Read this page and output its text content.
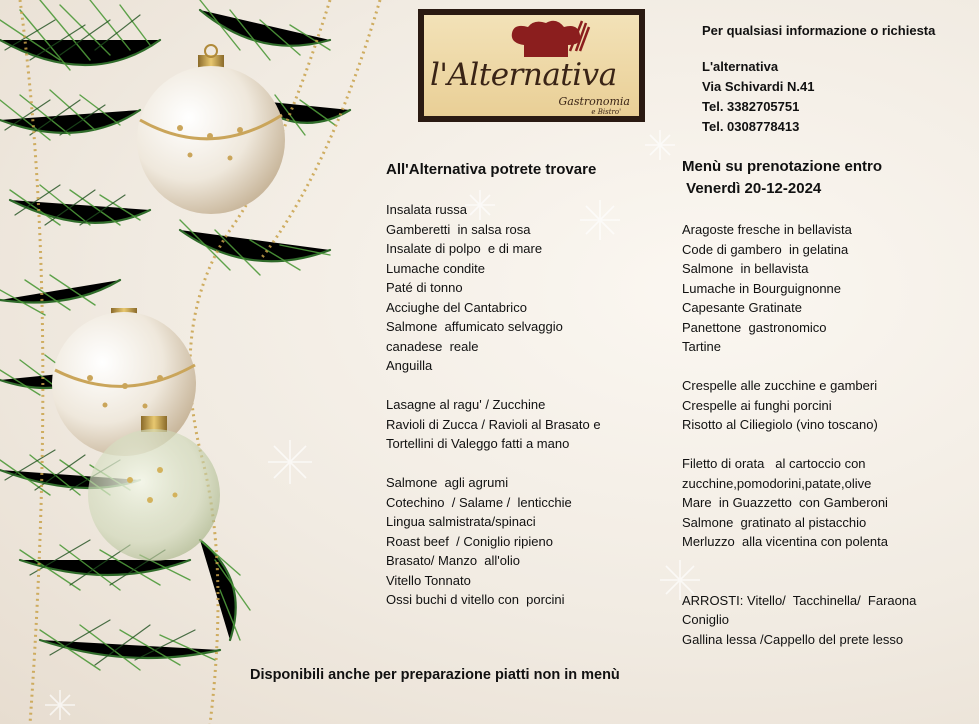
l'Alternativa
Gastronomia
e Bistro'
Per qualsiasi informazione o richiesta
L'alternativa
Via Schivardi N.41
Tel. 3382705751
Tel. 0308778413
All'Alternativa potrete trovare
Insalata russa
Gamberetti  in salsa rosa
Insalate di polpo  e di mare
Lumache condite
Paté di tonno
Acciughe del Cantabrico
Salmone  affumicato selvaggio
canadese  reale
Anguilla
Lasagne al ragu' / Zucchine
Ravioli di Zucca / Ravioli al Brasato e
Tortellini di Valeggo fatti a mano
Salmone  agli agrumi
Cotechino  / Salame /  lenticchie
Lingua salmistrata/spinaci
Roast beef  / Coniglio ripieno
Brasato/ Manzo  all'olio
Vitello Tonnato
Ossi buchi d vitello con  porcini
Menù su prenotazione entro
Venerdì 20-12-2024
Aragoste fresche in bellavista
Code di gambero  in gelatina
Salmone  in bellavista
Lumache in Bourguignonne
Capesante Gratinate
Panettone  gastronomico
Tartine
Crespelle alle zucchine e gamberi
Crespelle ai funghi porcini
Risotto al Ciliegiolo (vino toscano)
Filetto di orata   al cartoccio con
zucchine,pomodorini,patate,olive
Mare  in Guazzetto  con Gamberoni
Salmone  gratinato al pistacchio
Merluzzo  alla vicentina con polenta
ARROSTI: Vitello/  Tacchinella/  Faraona
Coniglio
Gallina lessa /Cappello del prete lesso
Disponibili anche per preparazione piatti non in menù
